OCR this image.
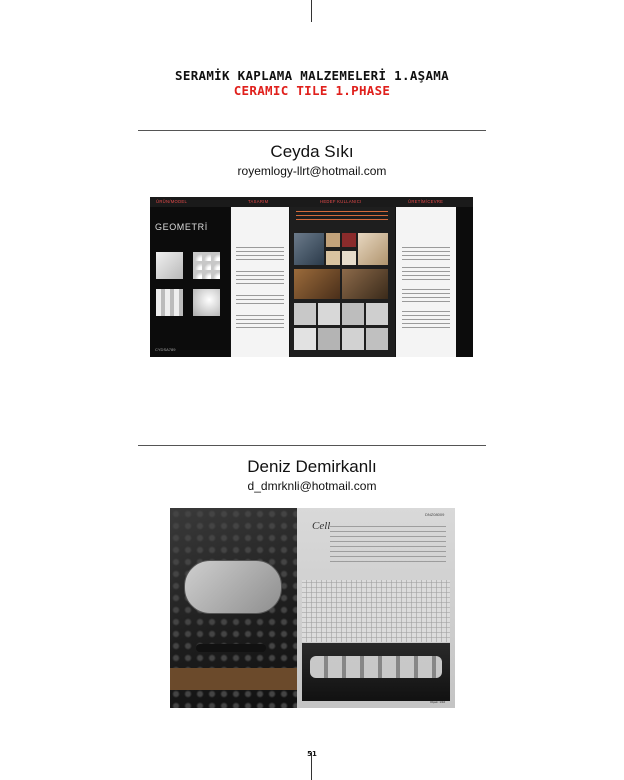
SERAMİK KAPLAMA MALZEMELERİ 1.AŞAMA
CERAMIC TILE 1.PHASE
Ceyda Sıkı
royemlogy-llrt@hotmail.com
ÜRÜN/MODEL	TASARIM	HEDEF KULLANICI	ÜRETİM/CEVRE
GEOMETRİ
CYDSA789
Deniz Demirkanlı
d_dmrknli@hotmail.com
DNZ08009
Cell
Ölçek: 1/10
51
